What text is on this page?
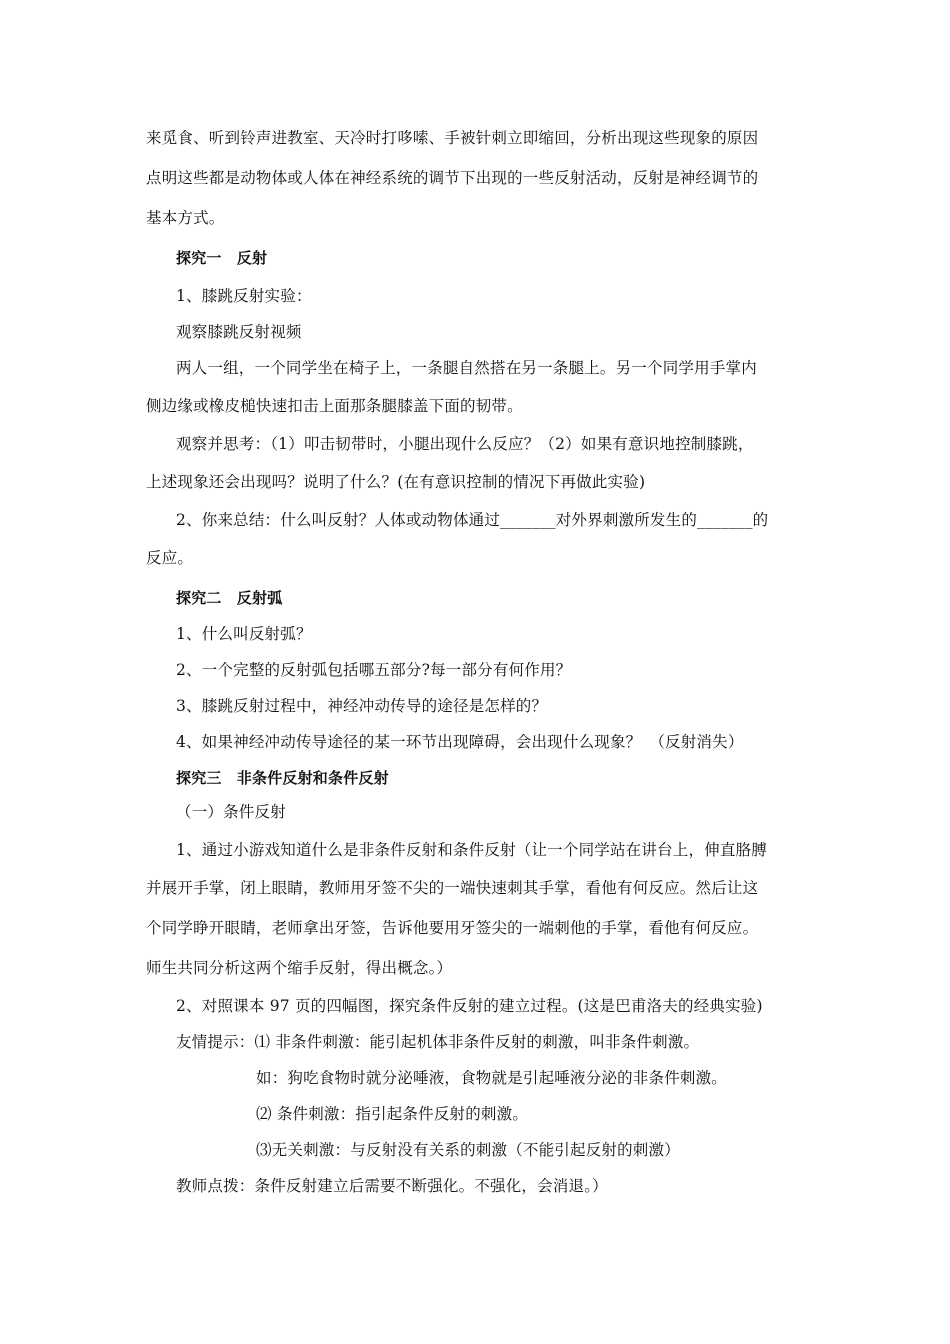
来觅食、听到铃声进教室、天冷时打哆嗦、手被针刺立即缩回，分析出现这些现象的原因
点明这些都是动物体或人体在神经系统的调节下出现的一些反射活动，反射是神经调节的
基本方式。
探究一　反射
1、膝跳反射实验：
观察膝跳反射视频
两人一组，一个同学坐在椅子上，一条腿自然搭在另一条腿上。另一个同学用手掌内
侧边缘或橡皮槌快速扣击上面那条腿膝盖下面的韧带。
观察并思考：（1）叩击韧带时，小腿出现什么反应？（2）如果有意识地控制膝跳，
上述现象还会出现吗？说明了什么？(在有意识控制的情况下再做此实验)
2、你来总结：什么叫反射？人体或动物体通过_______对外界刺激所发生的_______的
反应。
探究二　反射弧
1、什么叫反射弧？
2、一个完整的反射弧包括哪五部分?每一部分有何作用？
3、膝跳反射过程中，神经冲动传导的途径是怎样的？
4、如果神经冲动传导途径的某一环节出现障碍，会出现什么现象？　（反射消失）
探究三　非条件反射和条件反射
（一）条件反射
1、通过小游戏知道什么是非条件反射和条件反射（让一个同学站在讲台上，伸直胳膊
并展开手掌，闭上眼睛，教师用牙签不尖的一端快速刺其手掌，看他有何反应。然后让这
个同学睁开眼睛，老师拿出牙签，告诉他要用牙签尖的一端刺他的手掌，看他有何反应。
师生共同分析这两个缩手反射，得出概念。）
2、对照课本 97 页的四幅图，探究条件反射的建立过程。(这是巴甫洛夫的经典实验)
友情提示：⑴ 非条件刺激：能引起机体非条件反射的刺激，叫非条件刺激。
如：狗吃食物时就分泌唾液，食物就是引起唾液分泌的非条件刺激。
⑵ 条件刺激：指引起条件反射的刺激。
⑶无关刺激：与反射没有关系的刺激（不能引起反射的刺激）
教师点拨：条件反射建立后需要不断强化。不强化，会消退。）
